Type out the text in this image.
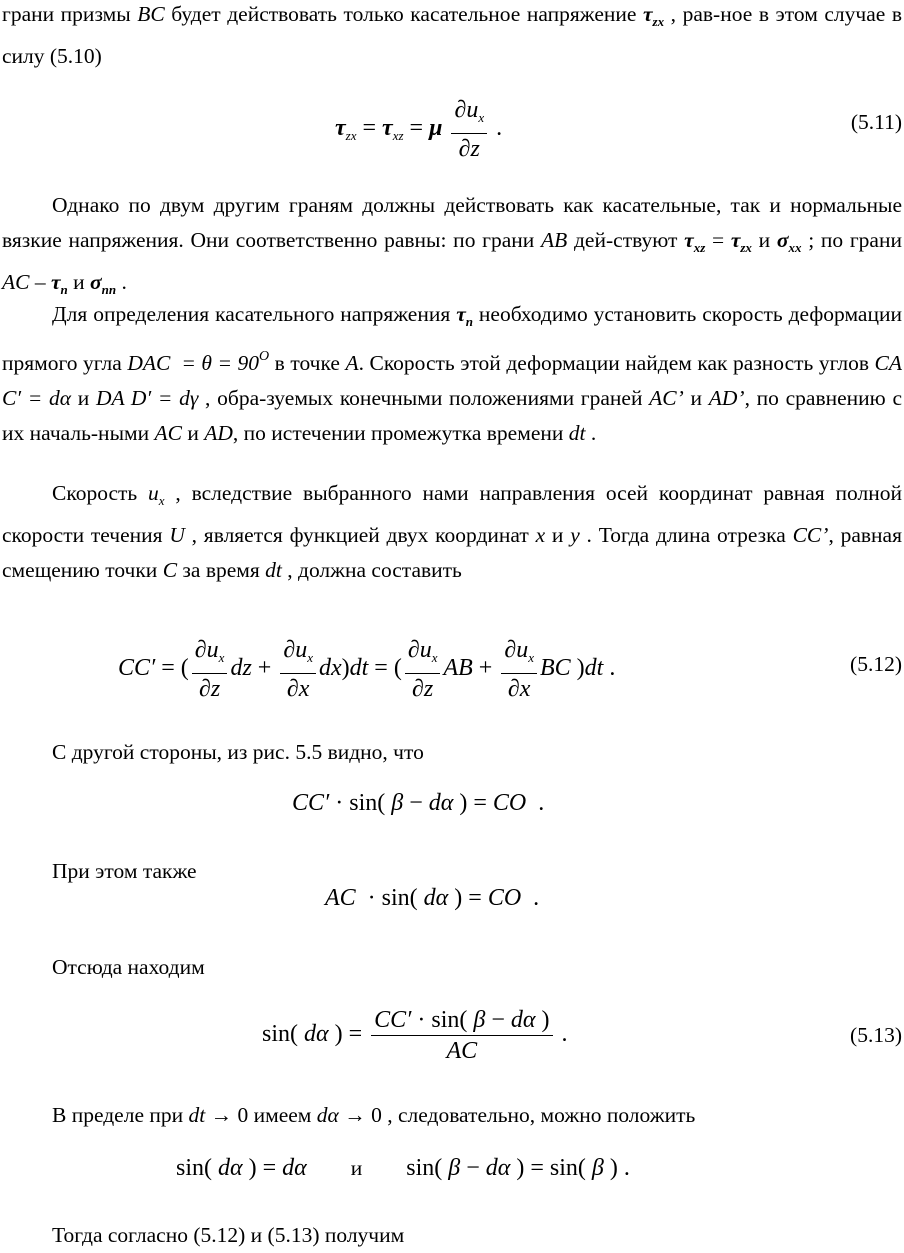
грани призмы BC будет действовать только касательное напряжение $\tau_{zx}$ , рав-ное в этом случае в силу (5.10)

$\tau_{zx} = \tau_{xz} = \mu \frac{\partial u_x}{\partial z}$ .	(5.11)

Однако по двум другим граням должны действовать как касательные, так и нормальные вязкие напряжения. Они соответственно равны: по грани AB дей-ствуют $\tau_{xz} = \tau_{zx}$ и $\sigma_{xx}$ ; по грани AC – $\tau_n$ и $\sigma_{nn}$ .

Для определения касательного напряжения $\tau_n$ необходимо установить скорость деформации прямого угла DAC  = $\theta = 90^O$ в точке A. Скорость этой деформации найдем как разность углов CA C′ = dα и DA D′ = dγ , обра-зуемых конечными положениями граней AC’ и AD’, по сравнению с их началь-ными AC и AD, по истечении промежутка времени dt .

Скорость $u_x$ , вследствие выбранного нами направления осей координат равная полной скорости течения U , является функцией двух координат x и y . Тогда длина отрезка CC’, равная смещению точки C за время dt , должна составить

CC′ = ( $\frac{\partial u_x}{\partial z}$ dz + $\frac{\partial u_x}{\partial x} dx)dt$ = ( $\frac{\partial u_x}{\partial z}$ AB + $\frac{\partial u_x}{\partial x}$ BC )dt .	(5.12)

С другой стороны, из рис. 5.5 видно, что

CC′ · sin( β − dα ) = CO  .

При этом также

AC  · sin( dα ) = CO  .

Отсюда находим

sin( dα ) = $\frac{CC' \cdot \sin( \beta - d\alpha )}{AC}$ .	(5.13)

В пределе при dt → 0 имеем dα → 0 , следовательно, можно положить

sin( dα ) = dα и sin( β − dα ) = sin( β ) .

Тогда согласно (5.12) и (5.13) получим
